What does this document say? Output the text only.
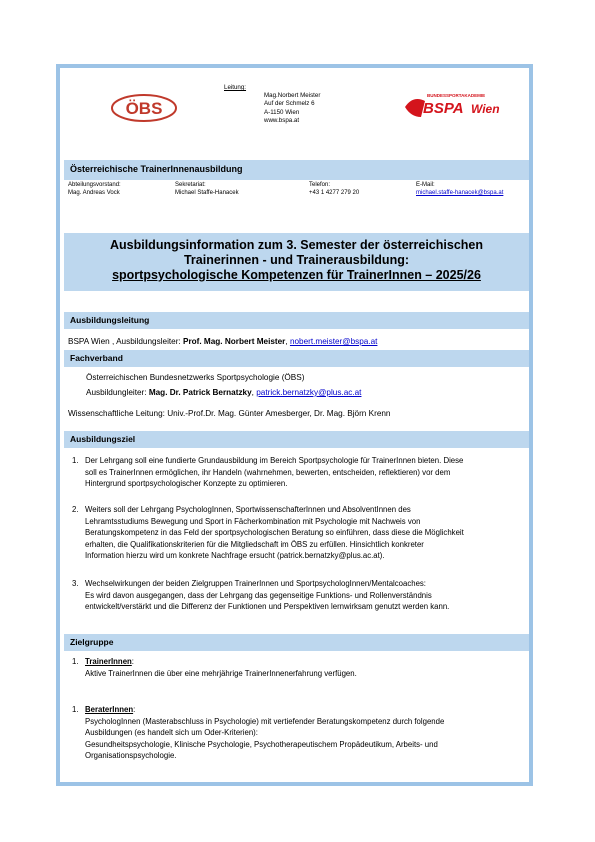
ÖBS
Leitung:
Mag.Norbert Meister
Auf der Schmelz 6
A-1150 Wien
www.bspa.at
BUNDESSPORTAKADEMIE
BSPA Wien
Österreichische TrainerInnenausbildung
Abteilungsvorstand:
Mag. Andreas Vock
Sekretariat:
Michael Staffe-Hanacek
Telefon:
+43 1 4277 279 20
E-Mail:
michael.staffe-hanacek@bspa.at
Ausbildungsinformation zum 3. Semester der österreichischen
Trainerinnen - und Trainerausbildung:
sportpsychologische Kompetenzen für TrainerInnen – 2025/26
Ausbildungsleitung
BSPA Wien , Ausbildungsleiter: Prof. Mag. Norbert Meister, nobert.meister@bspa.at
Fachverband
Österreichischen Bundesnetzwerks Sportpsychologie (ÖBS)
Ausbildungleiter: Mag. Dr. Patrick Bernatzky, patrick.bernatzky@plus.ac.at
Wissenschaftliche Leitung: Univ.-Prof.Dr. Mag. Günter Amesberger, Dr. Mag. Björn Krenn
Ausbildungsziel
1. Der Lehrgang soll eine fundierte Grundausbildung im Bereich Sportpsychologie für TrainerInnen bieten. Diese
soll es TrainerInnen ermöglichen, ihr Handeln (wahrnehmen, bewerten, entscheiden, reflektieren) vor dem
Hintergrund sportpsychologischer Konzepte zu optimieren.
2. Weiters soll der Lehrgang PsychologInnen, SportwissenschafterInnen und AbsolventInnen des
Lehramtsstudiums Bewegung und Sport in Fächerkombination mit Psychologie mit Nachweis von
Beratungskompetenz in das Feld der sportpsychologischen Beratung so einführen, dass diese die Möglichkeit
erhalten, die Qualifikationskriterien für die Mitgliedschaft im ÖBS zu erfüllen. Hinsichtlich konkreter
Information hierzu wird um konkrete Nachfrage ersucht (patrick.bernatzky@plus.ac.at).
3. Wechselwirkungen der beiden Zielgruppen TrainerInnen und SportpsychologInnen/Mentalcoaches:
Es wird davon ausgegangen, dass der Lehrgang das gegenseitige Funktions- und Rollenverständnis
entwickelt/verstärkt und die Differenz der Funktionen und Perspektiven lernwirksam genutzt werden kann.
Zielgruppe
1. TrainerInnen:
Aktive TrainerInnen die über eine mehrjährige TrainerInnenerfahrung verfügen.
1. BeraterInnen:
PsychologInnen (Masterabschluss in Psychologie) mit vertiefender Beratungskompetenz durch folgende
Ausbildungen (es handelt sich um Oder-Kriterien):
Gesundheitspsychologie, Klinische Psychologie, Psychotherapeutischem Propädeutikum, Arbeits- und
Organisationspsychologie.
